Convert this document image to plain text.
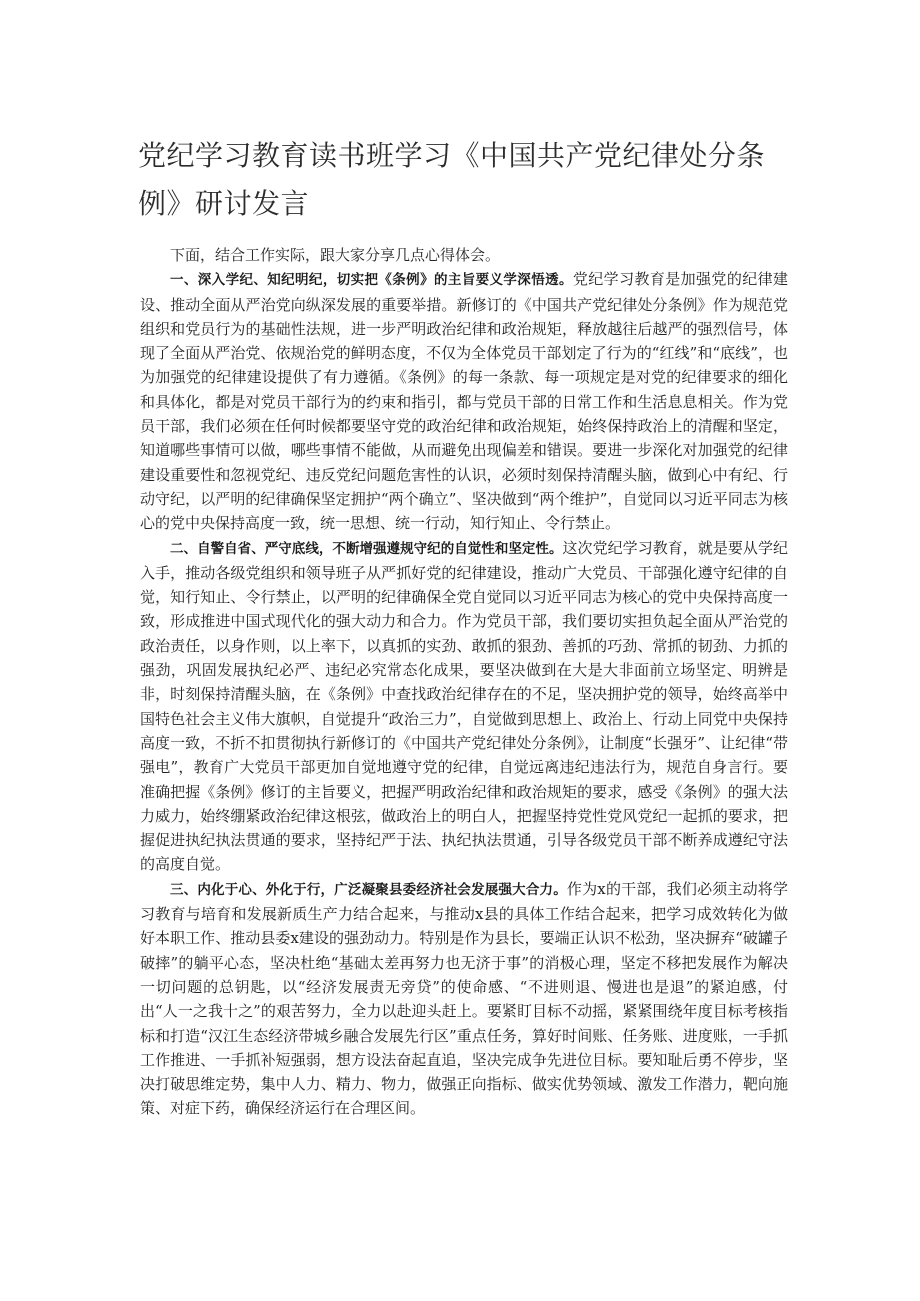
党纪学习教育读书班学习《中国共产党纪律处分条例》研讨发言

下面，结合工作实际，跟大家分享几点心得体会。

一、深入学纪、知纪明纪，切实把《条例》的主旨要义学深悟透。党纪学习教育是加强党的纪律建设、推动全面从严治党向纵深发展的重要举措。新修订的《中国共产党纪律处分条例》作为规范党组织和党员行为的基础性法规，进一步严明政治纪律和政治规矩，释放越往后越严的强烈信号，体现了全面从严治党、依规治党的鲜明态度，不仅为全体党员干部划定了行为的“红线”和“底线”，也为加强党的纪律建设提供了有力遵循。《条例》的每一条款、每一项规定是对党的纪律要求的细化和具体化，都是对党员干部行为的约束和指引，都与党员干部的日常工作和生活息息相关。作为党员干部，我们必须在任何时候都要坚守党的政治纪律和政治规矩，始终保持政治上的清醒和坚定，知道哪些事情可以做，哪些事情不能做，从而避免出现偏差和错误。要进一步深化对加强党的纪律建设重要性和忽视党纪、违反党纪问题危害性的认识，必须时刻保持清醒头脑，做到心中有纪、行动守纪，以严明的纪律确保坚定拥护“两个确立”、坚决做到“两个维护”，自觉同以习近平同志为核心的党中央保持高度一致，统一思想、统一行动，知行知止、令行禁止。

二、自警自省、严守底线，不断增强遵规守纪的自觉性和坚定性。这次党纪学习教育，就是要从学纪入手，推动各级党组织和领导班子从严抓好党的纪律建设，推动广大党员、干部强化遵守纪律的自觉，知行知止、令行禁止，以严明的纪律确保全党自觉同以习近平同志为核心的党中央保持高度一致，形成推进中国式现代化的强大动力和合力。作为党员干部，我们要切实担负起全面从严治党的政治责任，以身作则，以上率下，以真抓的实劲、敢抓的狠劲、善抓的巧劲、常抓的韧劲、力抓的强劲，巩固发展执纪必严、违纪必究常态化成果，要坚决做到在大是大非面前立场坚定、明辨是非，时刻保持清醒头脑，在《条例》中查找政治纪律存在的不足，坚决拥护党的领导，始终高举中国特色社会主义伟大旗帜，自觉提升“政治三力”，自觉做到思想上、政治上、行动上同党中央保持高度一致，不折不扣贯彻执行新修订的《中国共产党纪律处分条例》，让制度“长强牙”、让纪律“带强电”，教育广大党员干部更加自觉地遵守党的纪律，自觉远离违纪违法行为，规范自身言行。要准确把握《条例》修订的主旨要义，把握严明政治纪律和政治规矩的要求，感受《条例》的强大法力威力，始终绷紧政治纪律这根弦，做政治上的明白人，把握坚持党性党风党纪一起抓的要求，把握促进执纪执法贯通的要求，坚持纪严于法、执纪执法贯通，引导各级党员干部不断养成遵纪守法的高度自觉。

三、内化于心、外化于行，广泛凝聚县委经济社会发展强大合力。作为x的干部，我们必须主动将学习教育与培育和发展新质生产力结合起来，与推动x县的具体工作结合起来，把学习成效转化为做好本职工作、推动县委x建设的强劲动力。特别是作为县长，要端正认识不松劲，坚决摒弃“破罐子破摔”的躺平心态，坚决杜绝“基础太差再努力也无济于事”的消极心理，坚定不移把发展作为解决一切问题的总钥匙，以“经济发展责无旁贷”的使命感、“不进则退、慢进也是退”的紧迫感，付出“人一之我十之”的艰苦努力，全力以赴迎头赶上。要紧盯目标不动摇，紧紧围绕年度目标考核指标和打造“汉江生态经济带城乡融合发展先行区”重点任务，算好时间账、任务账、进度账，一手抓工作推进、一手抓补短强弱，想方设法奋起直追，坚决完成争先进位目标。要知耻后勇不停步，坚决打破思维定势，集中人力、精力、物力，做强正向指标、做实优势领域、激发工作潜力，靶向施策、对症下药，确保经济运行在合理区间。
